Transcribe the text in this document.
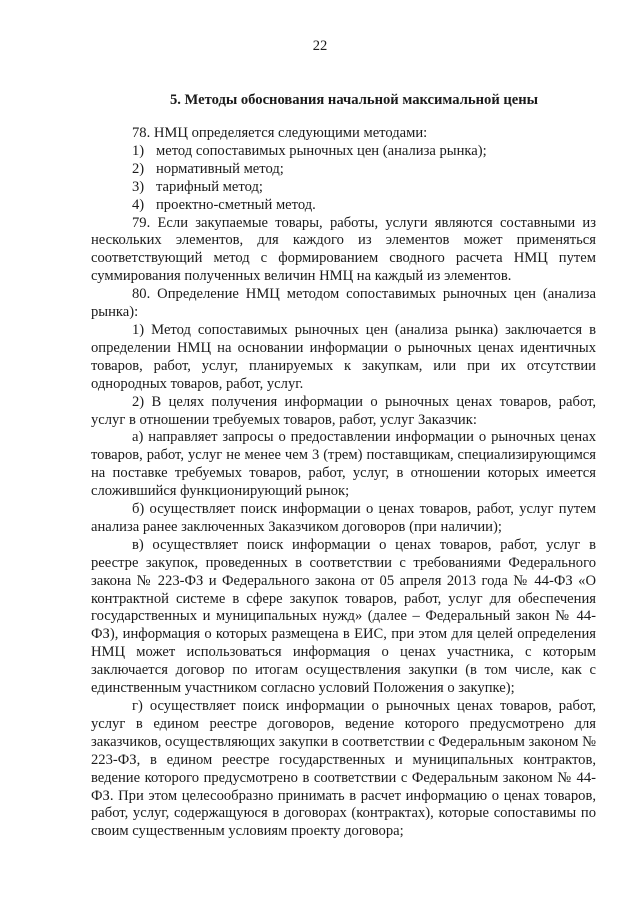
22
5. Методы обоснования начальной максимальной цены

78. НМЦ определяется следующими методами:

1) метод сопоставимых рыночных цен (анализа рынка);

2) нормативный метод;

3) тарифный метод;

4) проектно-сметный метод.

79. Если закупаемые товары, работы, услуги являются составными из нескольких элементов, для каждого из элементов может применяться соответствующий метод с формированием сводного расчета НМЦ путем суммирования полученных величин НМЦ на каждый из элементов.

80. Определение НМЦ методом сопоставимых рыночных цен (анализа рынка):

1) Метод сопоставимых рыночных цен (анализа рынка) заключается в определении НМЦ на основании информации о рыночных ценах идентичных товаров, работ, услуг, планируемых к закупкам, или при их отсутствии однородных товаров, работ, услуг.

2) В целях получения информации о рыночных ценах товаров, работ, услуг в отношении требуемых товаров, работ, услуг Заказчик:

а) направляет запросы о предоставлении информации о рыночных ценах товаров, работ, услуг не менее чем 3 (трем) поставщикам, специализирующимся на поставке требуемых товаров, работ, услуг, в отношении которых имеется сложившийся функционирующий рынок;

б) осуществляет поиск информации о ценах товаров, работ, услуг путем анализа ранее заключенных Заказчиком договоров (при наличии);

в) осуществляет поиск информации о ценах товаров, работ, услуг в реестре закупок, проведенных в соответствии с требованиями Федерального закона № 223-ФЗ и Федерального закона от 05 апреля 2013 года № 44-ФЗ «О контрактной системе в сфере закупок товаров, работ, услуг для обеспечения государственных и муниципальных нужд» (далее – Федеральный закон № 44-ФЗ), информация о которых размещена в ЕИС, при этом для целей определения НМЦ может использоваться информация о ценах участника, с которым заключается договор по итогам осуществления закупки (в том числе, как с единственным участником согласно условий Положения о закупке);

г) осуществляет поиск информации о рыночных ценах товаров, работ, услуг в едином реестре договоров, ведение которого предусмотрено для заказчиков, осуществляющих закупки в соответствии с Федеральным законом № 223-ФЗ, в едином реестре государственных и муниципальных контрактов, ведение которого предусмотрено в соответствии с Федеральным законом № 44-ФЗ. При этом целесообразно принимать в расчет информацию о ценах товаров, работ, услуг, содержащуюся в договорах (контрактах), которые сопоставимы по своим существенным условиям проекту договора;
